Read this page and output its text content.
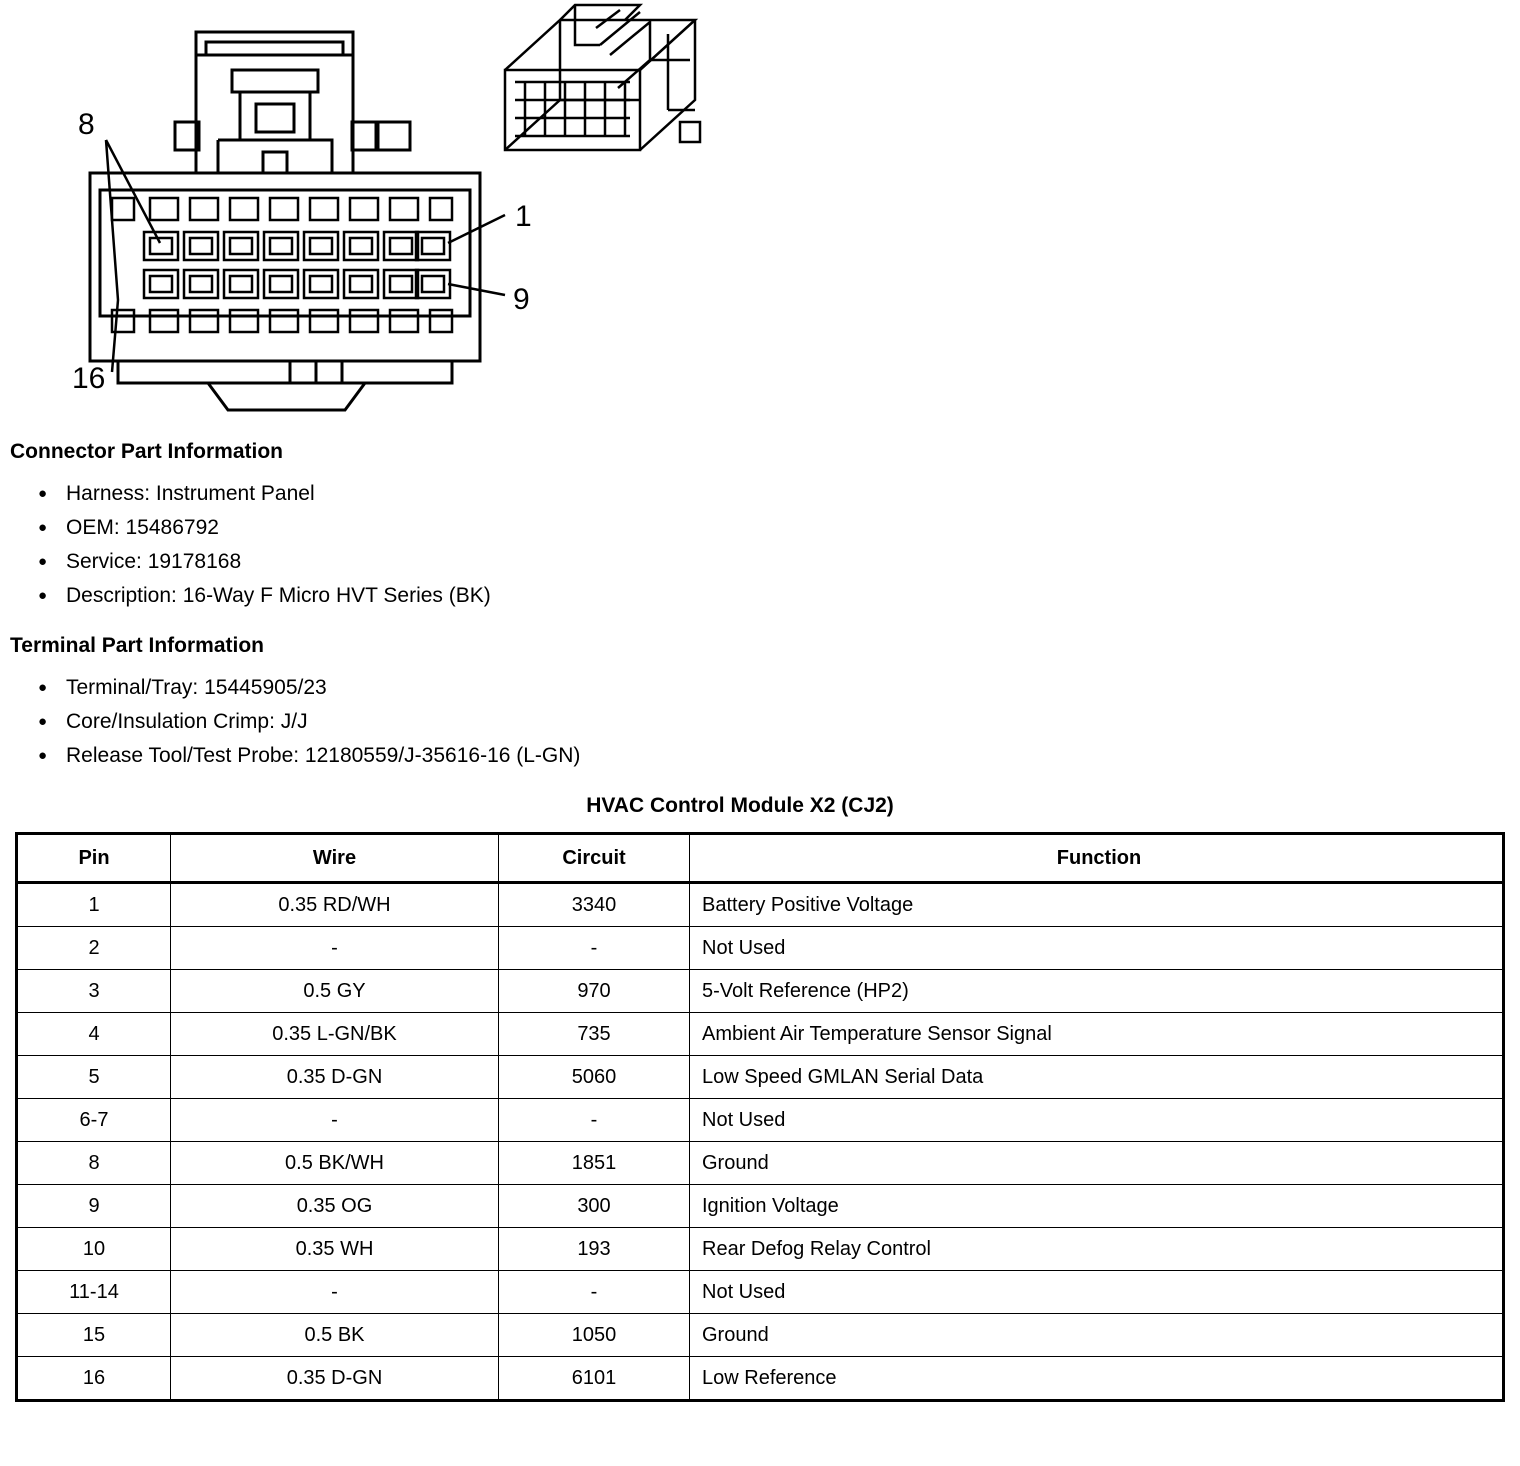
8
16
1
9
Connector Part Information
● Harness: Instrument Panel
● OEM: 15486792
● Service: 19178168
● Description: 16-Way F Micro HVT Series (BK)
Terminal Part Information
● Terminal/Tray: 15445905/23
● Core/Insulation Crimp: J/J
● Release Tool/Test Probe: 12180559/J-35616-16 (L-GN)
HVAC Control Module X2 (CJ2)
Pin	Wire	Circuit	Function
1	0.35 RD/WH	3340	Battery Positive Voltage
2	-	-	Not Used
3	0.5 GY	970	5-Volt Reference (HP2)
4	0.35 L-GN/BK	735	Ambient Air Temperature Sensor Signal
5	0.35 D-GN	5060	Low Speed GMLAN Serial Data
6-7	-	-	Not Used
8	0.5 BK/WH	1851	Ground
9	0.35 OG	300	Ignition Voltage
10	0.35 WH	193	Rear Defog Relay Control
11-14	-	-	Not Used
15	0.5 BK	1050	Ground
16	0.35 D-GN	6101	Low Reference
